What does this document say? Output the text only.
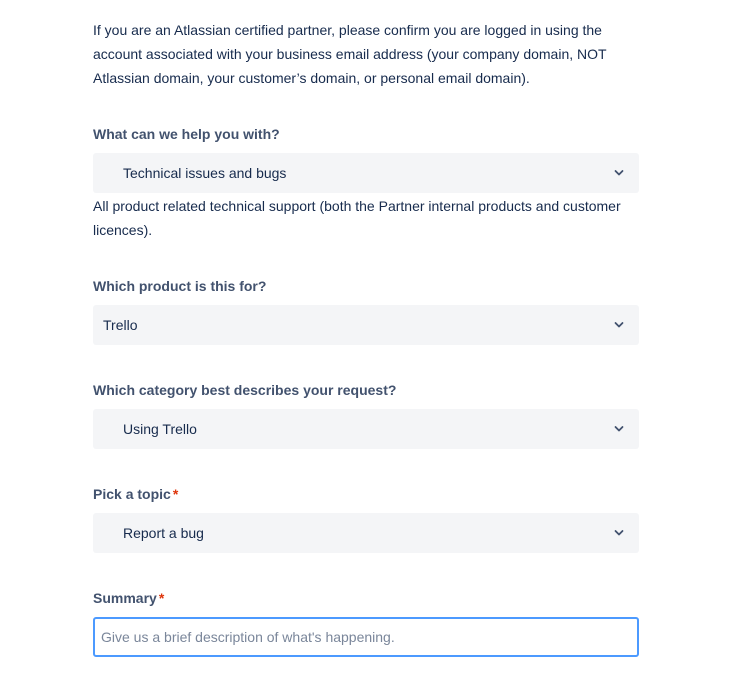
If you are an Atlassian certified partner, please confirm you are logged in using the account associated with your business email address (your company domain, NOT Atlassian domain, your customer’s domain, or personal email domain).

What can we help you with?
Technical issues and bugs

All product related technical support (both the Partner internal products and customer licences).

Which product is this for?
Trello
Which category best describes your request?
Using Trello
Pick a topic *
Report a bug
Summary *
Give us a brief description of what's happening.
